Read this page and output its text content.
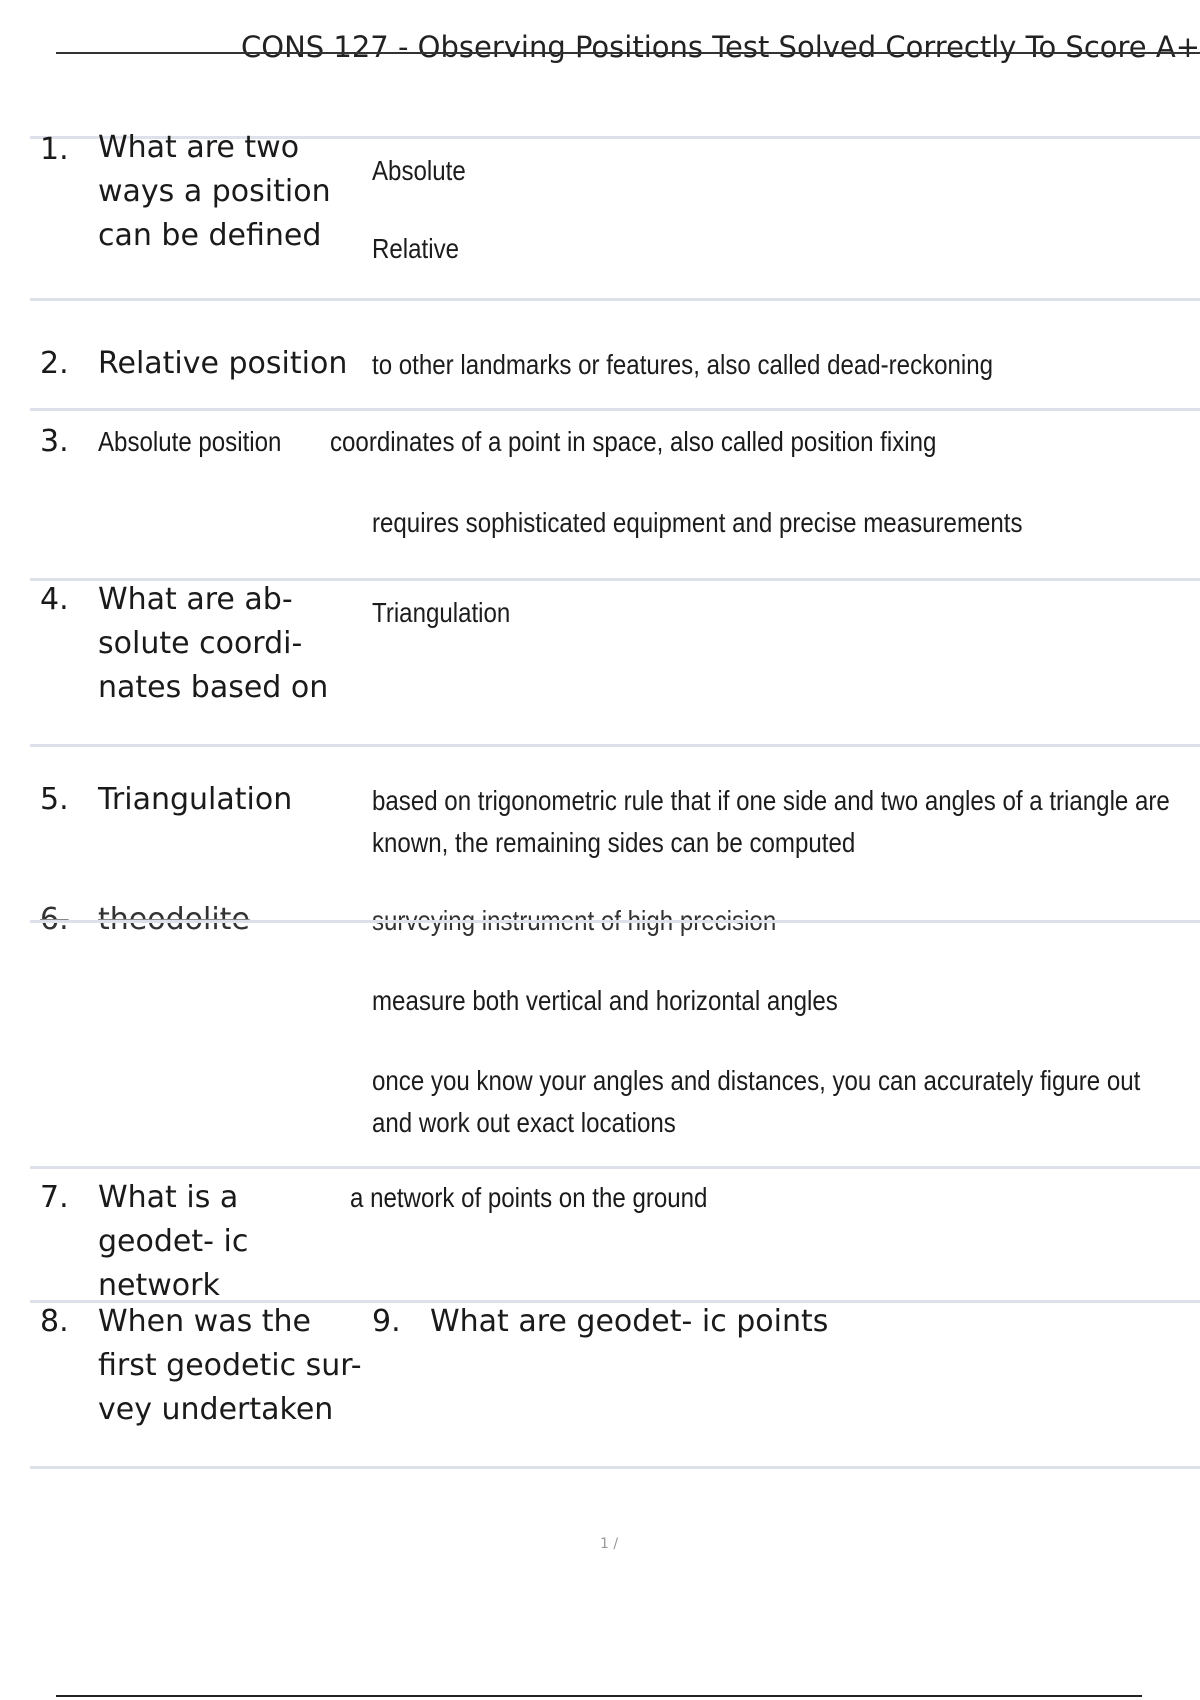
CONS 127 - Observing Positions Test Solved Correctly To Score A+
1. What are two ways a position can be defined
Absolute
Relative
2. Relative position to other landmarks or features, also called dead-reckoning
3. Absolute position coordinates of a point in space, also called position fixing
requires sophisticated equipment and precise measurements
4. What are ab- solute coordi- nates based on
Triangulation
5. Triangulation	based on trigonometric rule that if one side and two angles of a triangle are known, the remaining sides can be computed
6. theodolite	surveying instrument of high precision
measure both vertical and horizontal angles
once you know your angles and distances, you can accurately figure out and work out exact locations
7. What is a geodet- ic network
a network of points on the ground
8. When was the first geodetic sur- vey undertaken
9. What are geodet- ic points
1 /
